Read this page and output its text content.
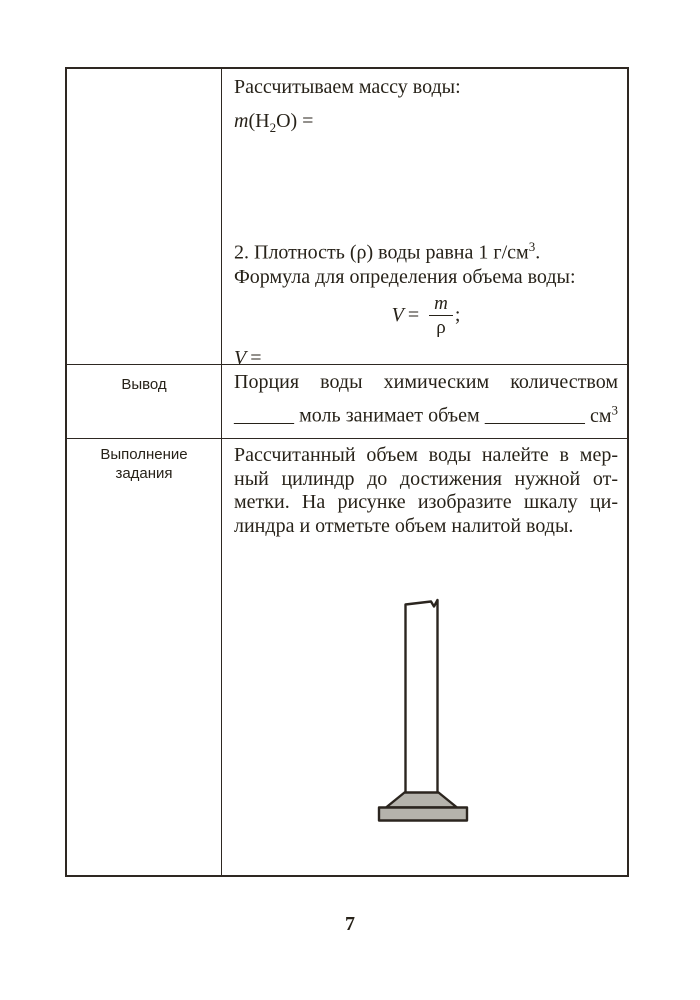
Рассчитываем массу воды:
$m(H_2O)$ =
2. Плотность (ρ) воды равна 1 $г/см^3$.
Формула для определения объема воды:
$V = \frac{m}{\rho}$ ;
V =
Вывод	Порция воды химическим количеством
______ моль занимает объем __________ $см^3$
Выполнение
задания
Рассчитанный объем воды налейте в мер-
ный цилиндр до достижения нужной от-
метки. На рисунке изобразите шкалу ци-
линдра и отметьте объем налитой воды.
7
